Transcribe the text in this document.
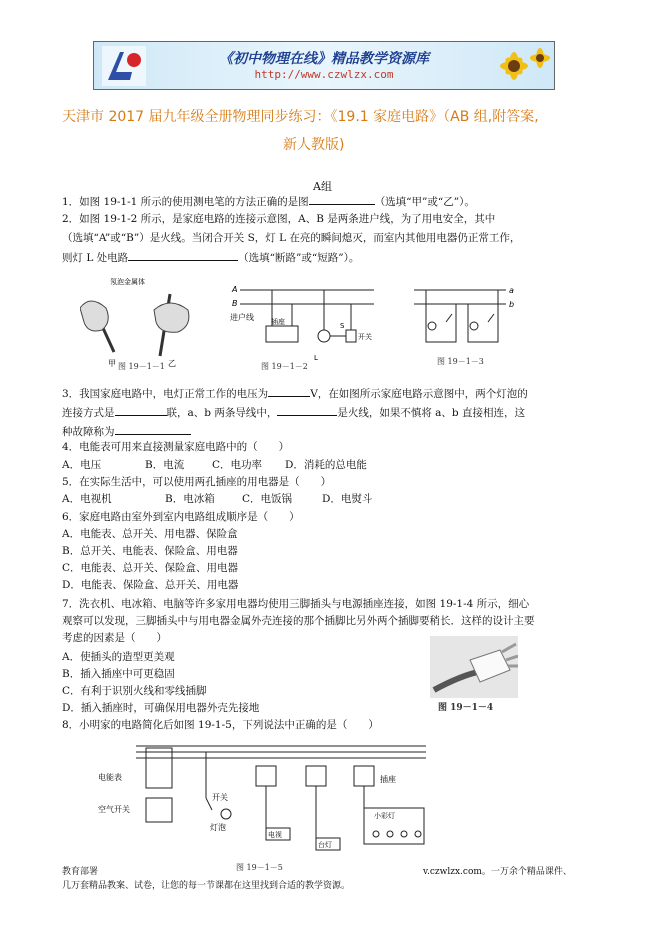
《初中物理在线》精品教学资源库
http://www.czwlzx.com
天津市 2017 届九年级全册物理同步练习：《19.1 家庭电路》（AB 组,附答案,
新人教版)
A组
1．如图 19-1-1 所示的使用测电笔的方法正确的是图	（选填“甲”或“乙”）。
2．如图 19-1-2 所示，是家庭电路的连接示意图，A、B 是两条进户线，为了用电安全，其中
（选填“A”或“B”）是火线。当闭合开关 S，灯 L 在亮的瞬间熄灭，而室内其他用电器仍正常工作，
则灯 L 处电路	（选填“断路”或“短路”）。
氖泡金属体
甲	乙
图 19－1－1
A
B
进户线 插座
L
开关
S
图 19－1－2
a
b
图 19－1－3
3．我国家庭电路中，电灯正常工作的电压为	V，在如图所示家庭电路示意图中，两个灯泡的
连接方式是	联，a、b 两条导线中，	是火线，如果不慎将 a、b 直接相连，这
种故障称为
4．电能表可用来直接测量家庭电路中的（　　）
A．电压	B．电流	C．电功率 D．消耗的总电能
5．在实际生活中，可以使用两孔插座的用电器是（　　）
A．电视机	B．电冰箱	C．电饭锅	D．电熨斗
6．家庭电路由室外到室内电路组成顺序是（　　）
A．电能表、总开关、用电器、保险盒
B．总开关、电能表、保险盒、用电器
C．电能表、总开关、保险盒、用电器
D．电能表、保险盒、总开关、用电器
7．洗衣机、电冰箱、电脑等许多家用电器均使用三脚插头与电源插座连接，如图 19-1-4 所示，细心
观察可以发现，三脚插头中与用电器金属外壳连接的那个插脚比另外两个插脚要稍长．这样的设计主要
考虑的因素是（　　）
A．使插头的造型更美观
B．插入插座中可更稳固
C．有利于识别火线和零线插脚
D．插入插座时，可确保用电器外壳先接地	图 19－1－4
8．小明家的电路简化后如图 19-1-5，下列说法中正确的是（　　）
电能表
空气开关
开关
灯泡
插座
电视
台灯
小彩灯
图 19－1－5
教育部署	v.czwlzx.com。一万余个精品课件、
几万套精品教案、试卷，让您的每一节课都在这里找到合适的教学资源。
